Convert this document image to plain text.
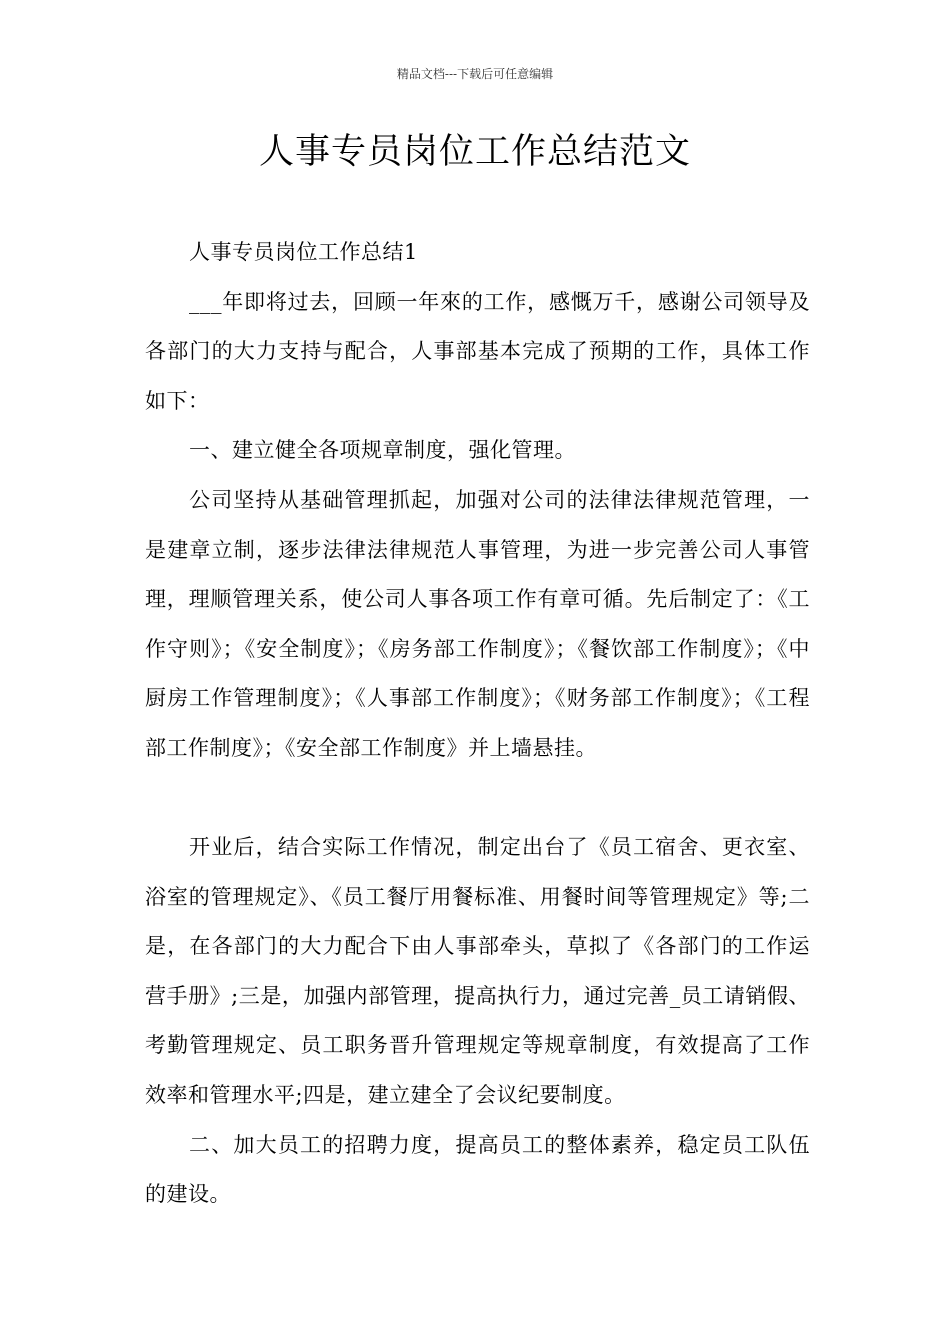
精品文档---下载后可任意编辑
人事专员岗位工作总结范文

人事专员岗位工作总结1

___年即将过去，回顾一年來的工作，感慨万千，感谢公司领导及各部门的大力支持与配合，人事部基本完成了预期的工作，具体工作如下：

一、建立健全各项规章制度，强化管理。

公司坚持从基础管理抓起，加强对公司的法律法律规范管理，一是建章立制，逐步法律法律规范人事管理，为进一步完善公司人事管理，理顺管理关系，使公司人事各项工作有章可循。先后制定了：《工作守则》；《安全制度》；《房务部工作制度》；《餐饮部工作制度》；《中厨房工作管理制度》；《人事部工作制度》；《财务部工作制度》；《工程部工作制度》；《安全部工作制度》并上墙悬挂。

开业后，结合实际工作情况，制定出台了《员工宿舍、更衣室、浴室的管理规定》、《员工餐厅用餐标准、用餐时间等管理规定》等;二是，在各部门的大力配合下由人事部牵头，草拟了《各部门的工作运营手册》;三是，加强内部管理，提高执行力，通过完善_员工请销假、考勤管理规定、员工职务晋升管理规定等规章制度，有效提高了工作效率和管理水平;四是，建立建全了会议纪要制度。

二、加大员工的招聘力度，提高员工的整体素养，稳定员工队伍的建设。
